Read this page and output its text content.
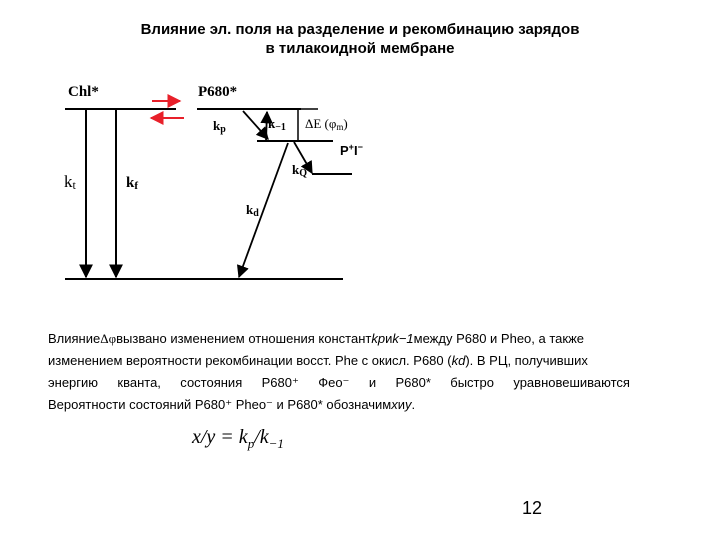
Влияние эл. поля на разделение и рекомбинацию зарядов
в тилакоидной мембране
Chl*	P680*
kt	kf
kp	k−1 ΔE (φm)
P+I−
kQ
kd
Влияние Δφ вызвано изменением отношения констант kp и k−1 между P680 и Pheo, а также
изменением вероятности рекомбинации восст. Phe с окисл. P680 ( kd ). В РЦ, получивших
энергию кванта, состояния P680⁺ Фео⁻ и P680* быстро уравновешиваются
Вероятности состояний P680⁺ Pheo⁻ и P680* обозначим x и y .
$x/y = k_p/k_{-1}$
12
